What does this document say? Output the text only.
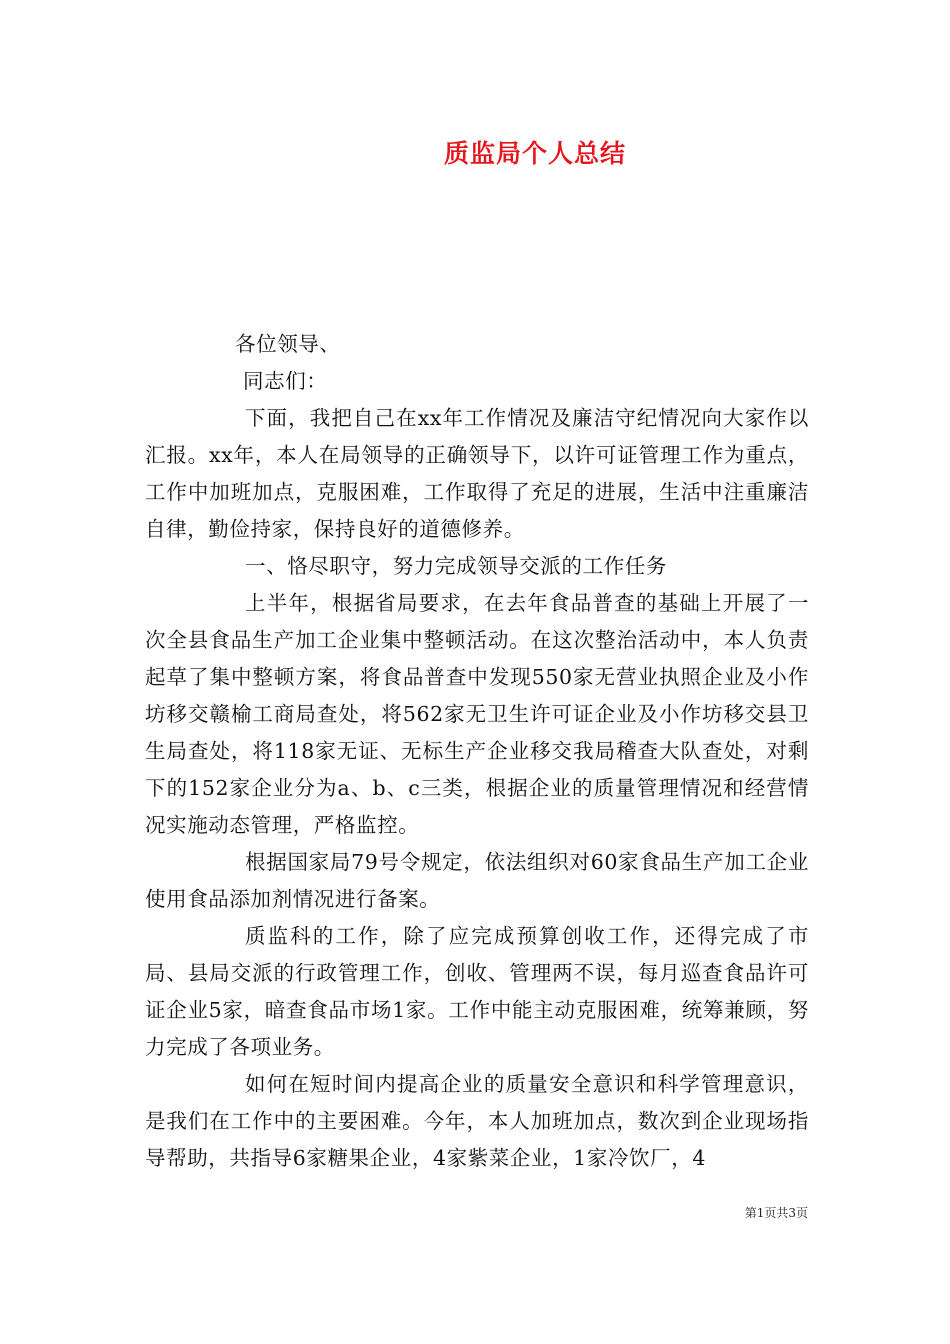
质监局个人总结

各位领导、

同志们：

下面，我把自己在xx年工作情况及廉洁守纪情况向大家作以汇报。xx年，本人在局领导的正确领导下，以许可证管理工作为重点，工作中加班加点，克服困难，工作取得了充足的进展，生活中注重廉洁自律，勤俭持家，保持良好的道德修养。

一、恪尽职守，努力完成领导交派的工作任务

上半年，根据省局要求，在去年食品普查的基础上开展了一次全县食品生产加工企业集中整顿活动。在这次整治活动中，本人负责起草了集中整顿方案，将食品普查中发现550家无营业执照企业及小作坊移交赣榆工商局查处，将562家无卫生许可证企业及小作坊移交县卫生局查处，将118家无证、无标生产企业移交我局稽查大队查处，对剩下的152家企业分为a、b、c三类，根据企业的质量管理情况和经营情况实施动态管理，严格监控。

根据国家局79号令规定，依法组织对60家食品生产加工企业使用食品添加剂情况进行备案。

质监科的工作，除了应完成预算创收工作，还得完成了市局、县局交派的行政管理工作，创收、管理两不误，每月巡查食品许可证企业5家，暗查食品市场1家。工作中能主动克服困难，统筹兼顾，努力完成了各项业务。

如何在短时间内提高企业的质量安全意识和科学管理意识，是我们在工作中的主要困难。今年，本人加班加点，数次到企业现场指导帮助，共指导6家糖果企业，4家紫菜企业，1家冷饮厂，4

第1页共3页
